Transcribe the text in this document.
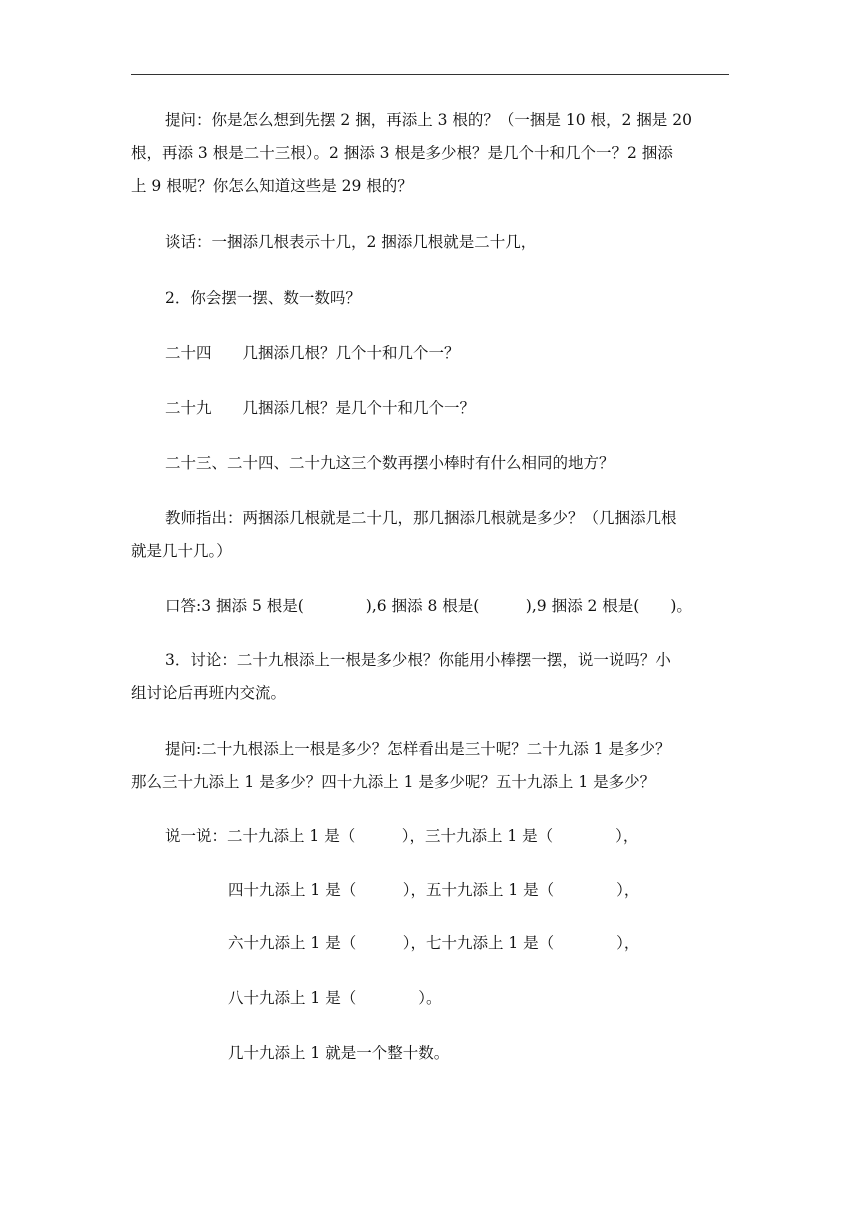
提问：你是怎么想到先摆 2 捆，再添上 3 根的？（一捆是 10 根，2 捆是 20
根，再添 3 根是二十三根）。2 捆添 3 根是多少根？是几个十和几个一？2 捆添
上 9 根呢？你怎么知道这些是 29 根的？
谈话：一捆添几根表示十几，2 捆添几根就是二十几，
2．你会摆一摆、数一数吗？
二十四　　几捆添几根？几个十和几个一？
二十九　　几捆添几根？是几个十和几个一？
二十三、二十四、二十九这三个数再摆小棒时有什么相同的地方？
教师指出：两捆添几根就是二十几，那几捆添几根就是多少？（几捆添几根
就是几十几。）
口答:3 捆添 5 根是(　　　　),6 捆添 8 根是(　　　),9 捆添 2 根是(　　)。
3．讨论：二十九根添上一根是多少根？你能用小棒摆一摆，说一说吗？小
组讨论后再班内交流。
提问:二十九根添上一根是多少？怎样看出是三十呢？二十九添 1 是多少？
那么三十九添上 1 是多少？四十九添上 1 是多少呢？五十九添上 1 是多少？
说一说：二十九添上 1 是（　　　），三十九添上 1 是（　　　　），
四十九添上 1 是（　　　），五十九添上 1 是（　　　　），
六十九添上 1 是（　　　），七十九添上 1 是（　　　　），
八十九添上 1 是（　　　　）。
几十九添上 1 就是一个整十数。
